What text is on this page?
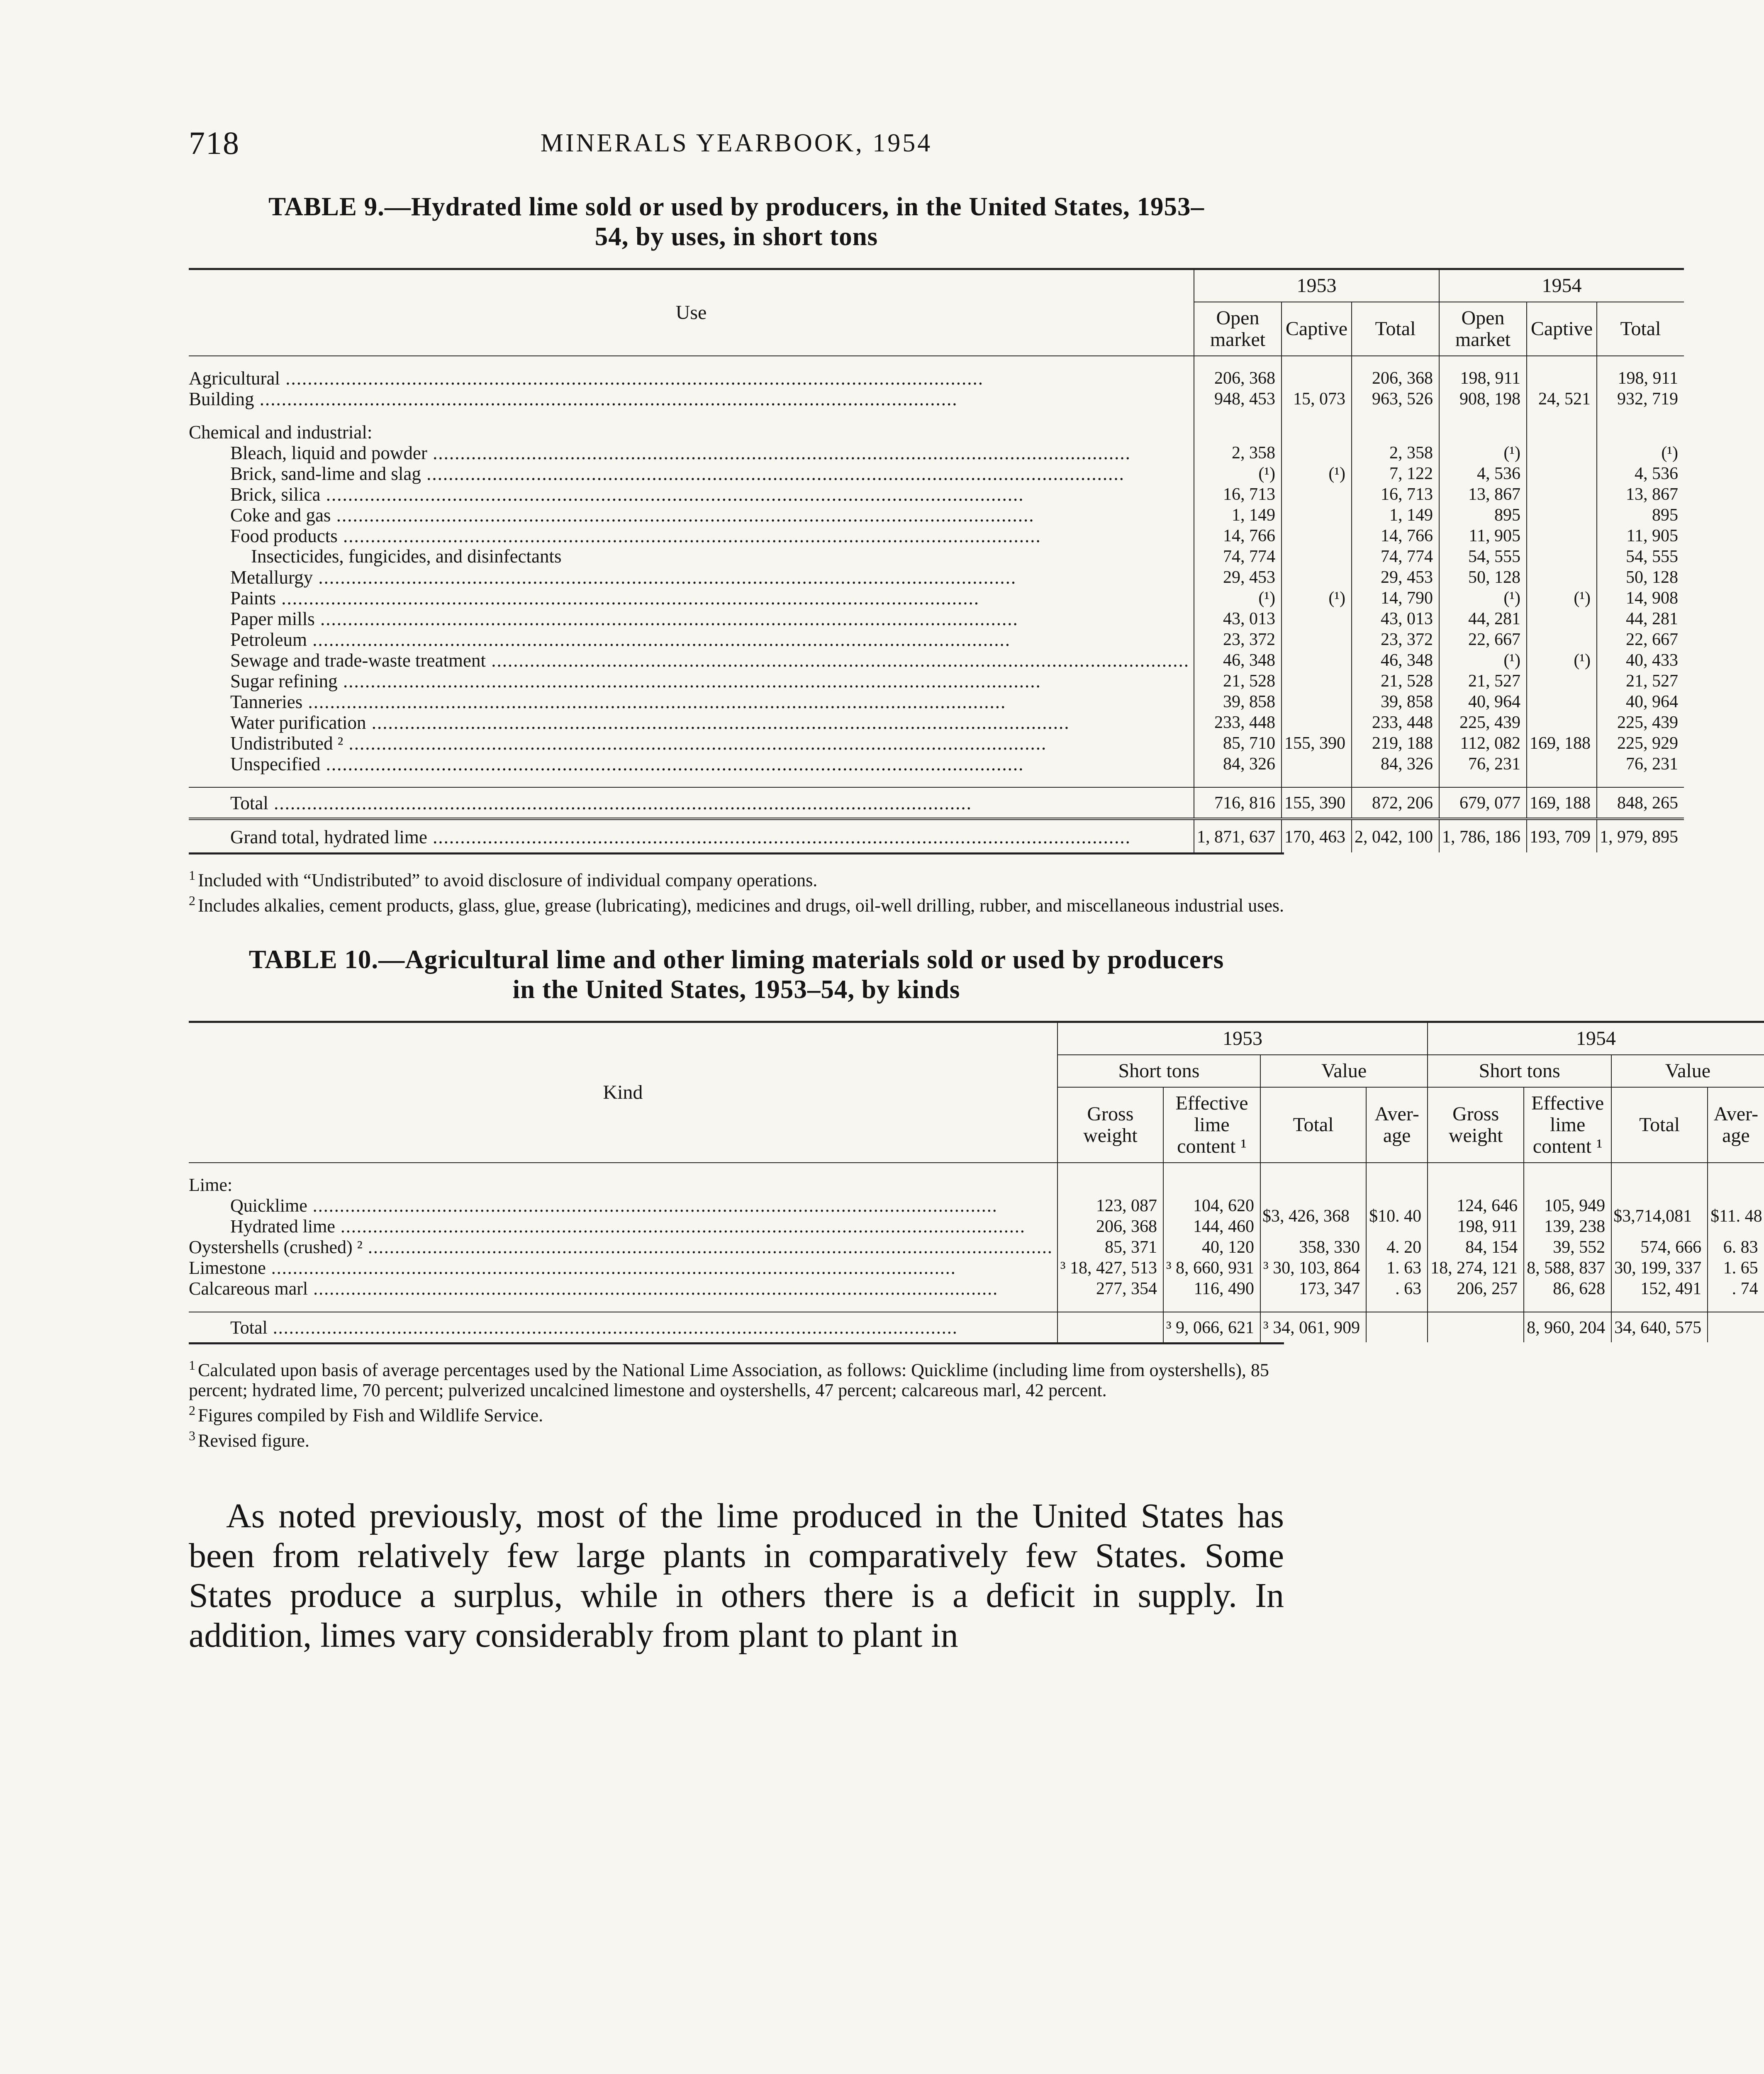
718	MINERALS YEARBOOK, 1954
TABLE 9.—Hydrated lime sold or used by producers, in the United States, 1953–
54, by uses, in short tons
Use	1953			1954		
	Open market	Captive	Total	Open market	Captive	Total
Agricultural .....	206, 368		206, 368	198, 911		198, 911
Building .....	948, 453	15, 073	963, 526	908, 198	24, 521	932, 719

Chemical and industrial:						
Bleach, liquid and powder .....	2, 358		2, 358	(¹)		(¹)
Brick, sand-lime and slag .....	(¹)	(¹)	7, 122	4, 536		4, 536
Brick, silica .....	16, 713		16, 713	13, 867		13, 867
Coke and gas .....	1, 149		1, 149	895		895
Food products .....	14, 766		14, 766	11, 905		11, 905
Insecticides, fungicides, and disinfectants	74, 774		74, 774	54, 555		54, 555
Metallurgy .....	29, 453		29, 453	50, 128		50, 128
Paints .....	(¹)	(¹)	14, 790	(¹)	(¹)	14, 908
Paper mills .....	43, 013		43, 013	44, 281		44, 281
Petroleum .....	23, 372		23, 372	22, 667		22, 667
Sewage and trade-waste treatment .....	46, 348		46, 348	(¹)	(¹)	40, 433
Sugar refining .....	21, 528		21, 528	21, 527		21, 527
Tanneries .....	39, 858		39, 858	40, 964		40, 964
Water purification .....	233, 448		233, 448	225, 439		225, 439
Undistributed ² .....	85, 710	155, 390	219, 188	112, 082	169, 188	225, 929
Unspecified .....	84, 326		84, 326	76, 231		76, 231

Total .....	716, 816	155, 390	872, 206	679, 077	169, 188	848, 265
Grand total, hydrated lime .....	1, 871, 637	170, 463	2, 042, 100	1, 786, 186	193, 709	1, 979, 895

$^1$ Included with “Undistributed” to avoid disclosure of individual company operations.

$^2$ Includes alkalies, cement products, glass, glue, grease (lubricating), medicines and drugs, oil-well drilling, rubber, and miscellaneous industrial uses.

TABLE 10.—Agricultural lime and other liming materials sold or used by producers
in the United States, 1953–54, by kinds
Kind	1953				1954			
	Short tons		Value		Short tons		Value	
	Gross weight	Effective lime content ¹	Total	Aver-age	Gross weight	Effective lime content ¹	Total	Aver-age
Lime:								
Quicklime .....	123, 087	104, 620	$3, 426, 368	$10. 40	124, 646	105, 949	$3,714,081	$11. 48
Hydrated lime .....	206, 368	144, 460			198, 911	139, 238		
Oystershells (crushed) ² .....	85, 371	40, 120	358, 330	4. 20	84, 154	39, 552	574, 666	6. 83
Limestone .....	³ 18, 427, 513	³ 8, 660, 931	³ 30, 103, 864	1. 63	18, 274, 121	8, 588, 837	30, 199, 337	1. 65
Calcareous marl .....	277, 354	116, 490	173, 347	. 63	206, 257	86, 628	152, 491	. 74

Total .....		³ 9, 066, 621	³ 34, 061, 909			8, 960, 204	34, 640, 575	

$^1$ Calculated upon basis of average percentages used by the National Lime Association, as follows: Quicklime (including lime from oystershells), 85 percent; hydrated lime, 70 percent; pulverized uncalcined limestone and oystershells, 47 percent; calcareous marl, 42 percent.

$^2$ Figures compiled by Fish and Wildlife Service.

$^3$ Revised figure.

As noted previously, most of the lime produced in the United States has been from relatively few large plants in comparatively few States. Some States produce a surplus, while in others there is a deficit in supply. In addition, limes vary considerably from plant to plant in
